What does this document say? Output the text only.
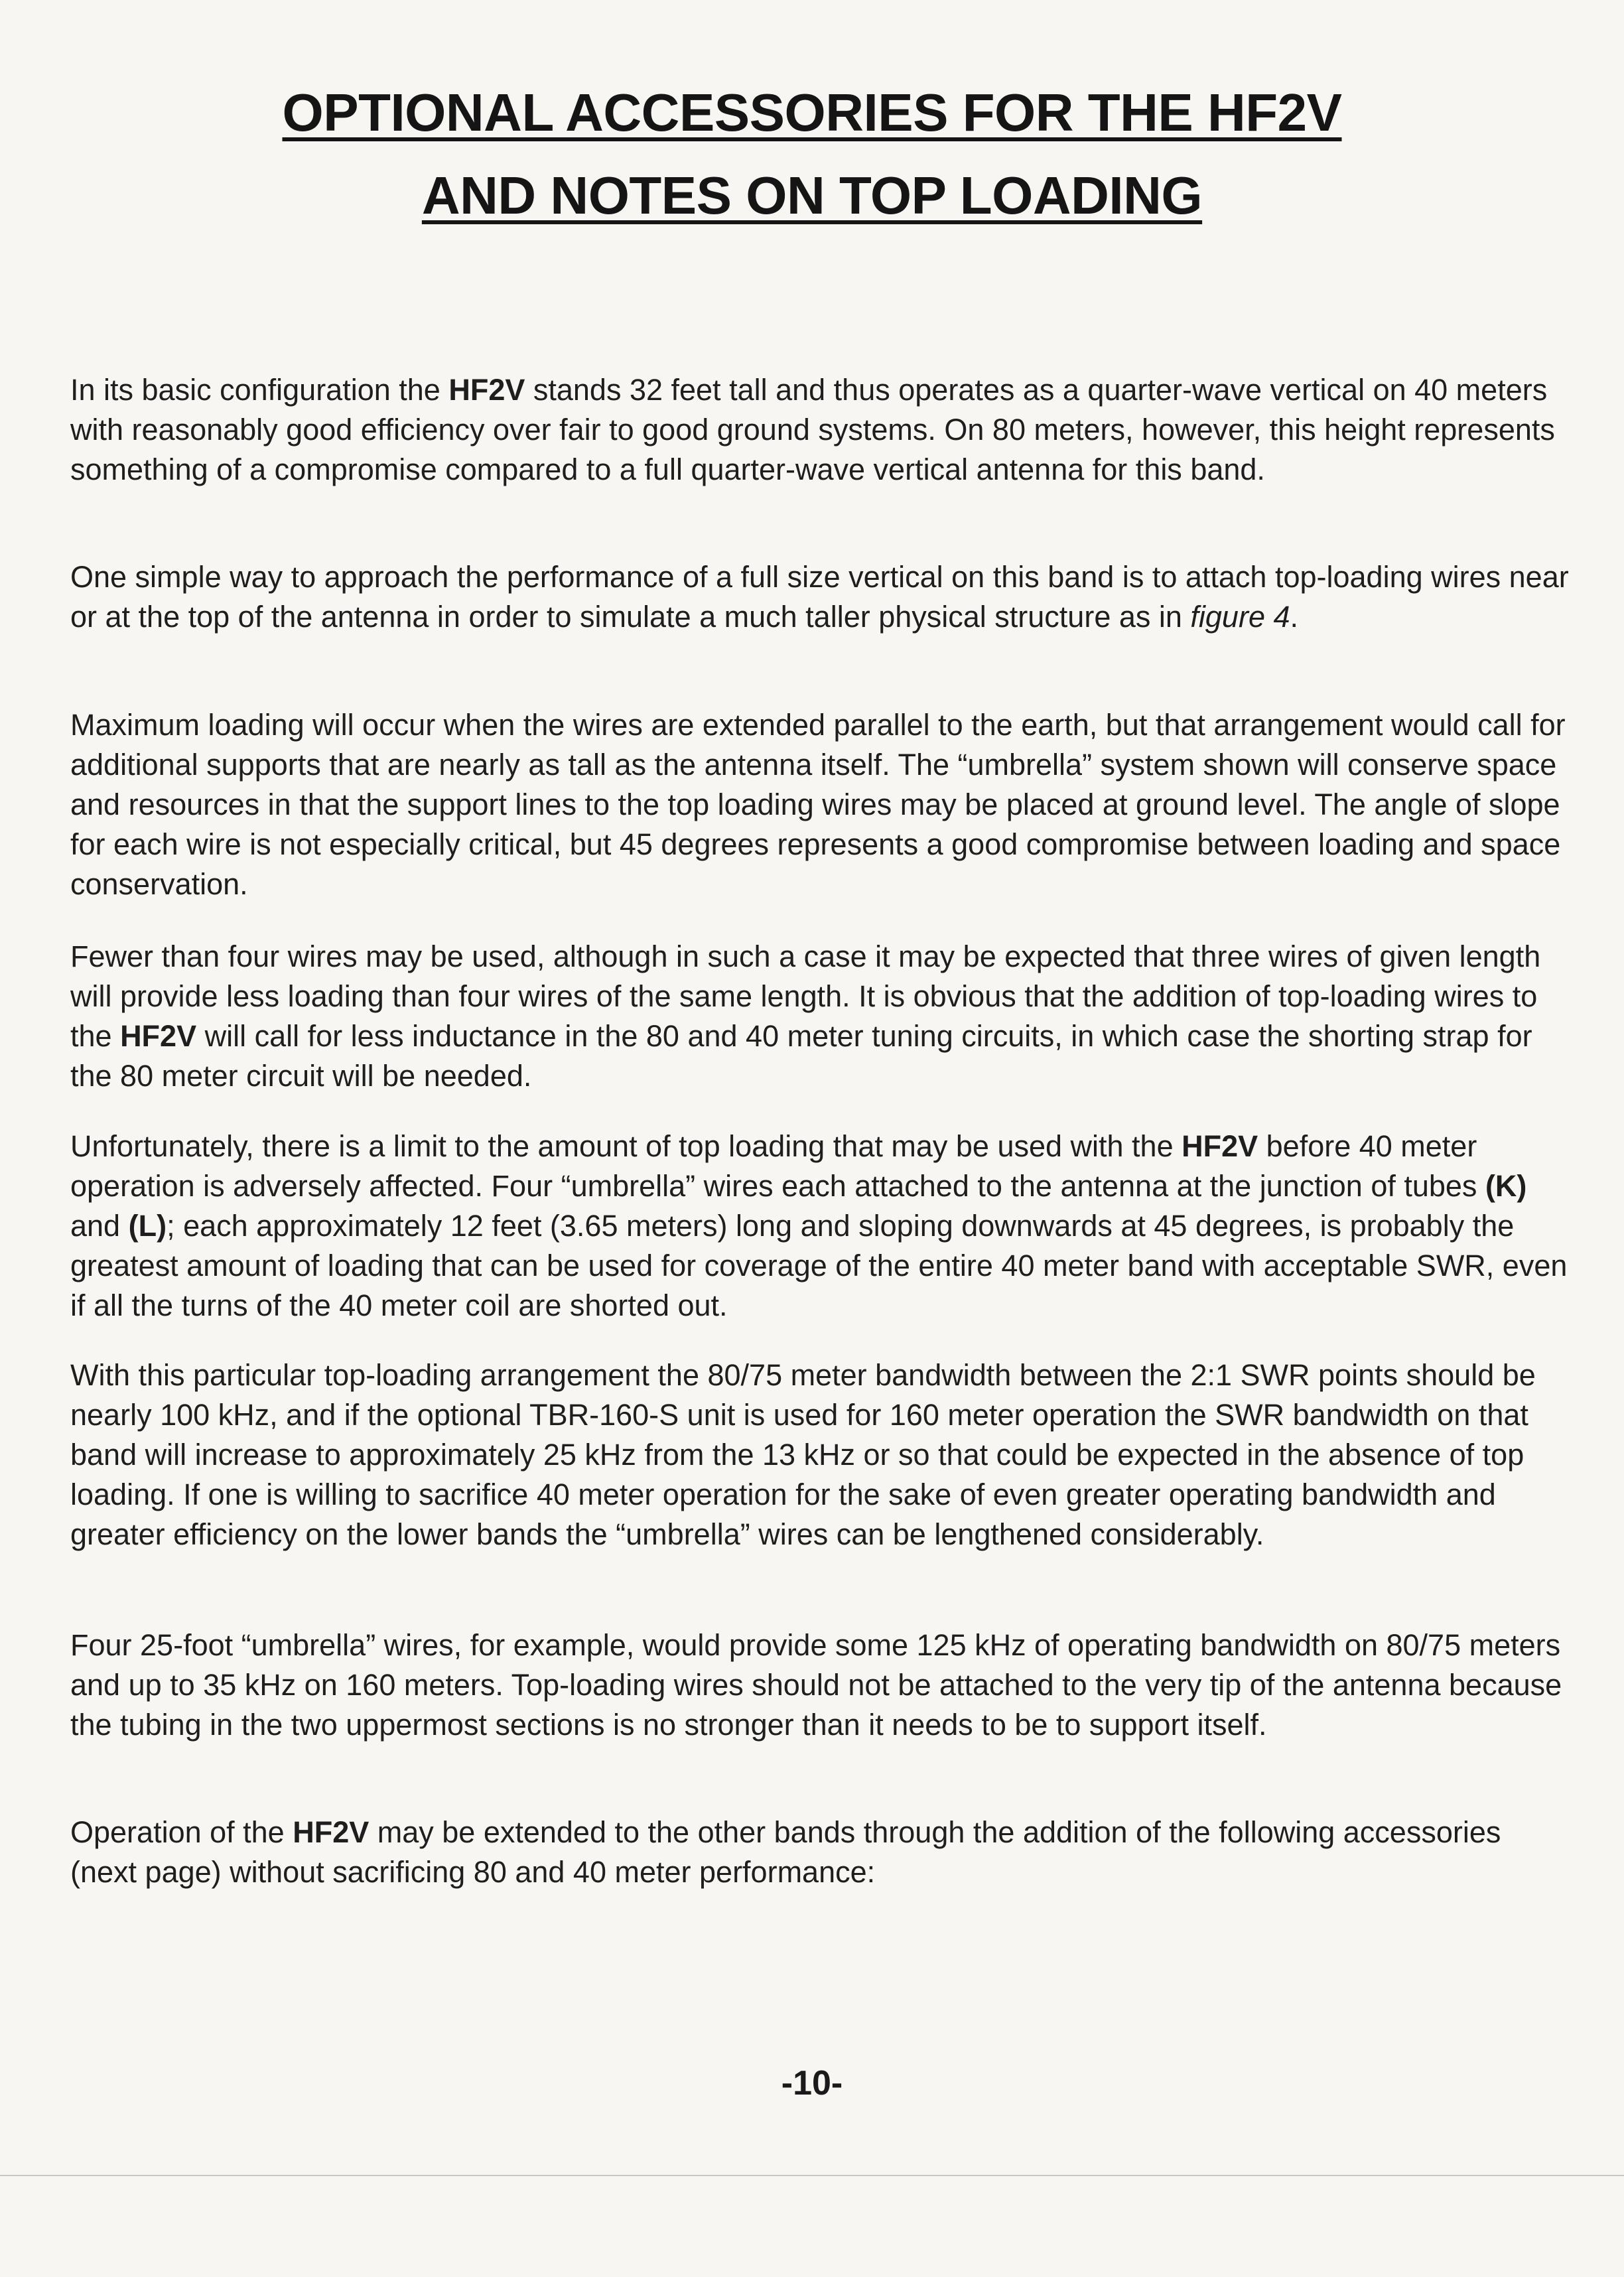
OPTIONAL ACCESSORIES FOR THE HF2V
AND NOTES ON TOP LOADING

In its basic configuration the HF2V stands 32 feet tall and thus operates as a quarter-wave vertical on 40 meters with reasonably good efficiency over fair to good ground systems. On 80 meters, however, this height represents something of a compromise compared to a full quarter-wave vertical antenna for this band.

One simple way to approach the performance of a full size vertical on this band is to attach top-loading wires near or at the top of the antenna in order to simulate a much taller physical structure as in figure 4.

Maximum loading will occur when the wires are extended parallel to the earth, but that arrangement would call for additional supports that are nearly as tall as the antenna itself. The “umbrella” system shown will conserve space and resources in that the support lines to the top loading wires may be placed at ground level. The angle of slope for each wire is not especially critical, but 45 degrees represents a good compromise between loading and space conservation.

Fewer than four wires may be used, although in such a case it may be expected that three wires of given length will provide less loading than four wires of the same length. It is obvious that the addition of top-loading wires to the HF2V will call for less inductance in the 80 and 40 meter tuning circuits, in which case the shorting strap for the 80 meter circuit will be needed.

Unfortunately, there is a limit to the amount of top loading that may be used with the HF2V before 40 meter operation is adversely affected. Four “umbrella” wires each attached to the antenna at the junction of tubes (K) and (L); each approximately 12 feet (3.65 meters) long and sloping downwards at 45 degrees, is probably the greatest amount of loading that can be used for coverage of the entire 40 meter band with acceptable SWR, even if all the turns of the 40 meter coil are shorted out.

With this particular top-loading arrangement the 80/75 meter bandwidth between the 2:1 SWR points should be nearly 100 kHz, and if the optional TBR-160-S unit is used for 160 meter operation the SWR bandwidth on that band will increase to approximately 25 kHz from the 13 kHz or so that could be expected in the absence of top loading. If one is willing to sacrifice 40 meter operation for the sake of even greater operating bandwidth and greater efficiency on the lower bands the “umbrella” wires can be lengthened considerably.

Four 25-foot “umbrella” wires, for example, would provide some 125 kHz of operating bandwidth on 80/75 meters and up to 35 kHz on 160 meters. Top-loading wires should not be attached to the very tip of the antenna because the tubing in the two uppermost sections is no stronger than it needs to be to support itself.

Operation of the HF2V may be extended to the other bands through the addition of the following accessories (next page) without sacrificing 80 and 40 meter performance:

-10-
